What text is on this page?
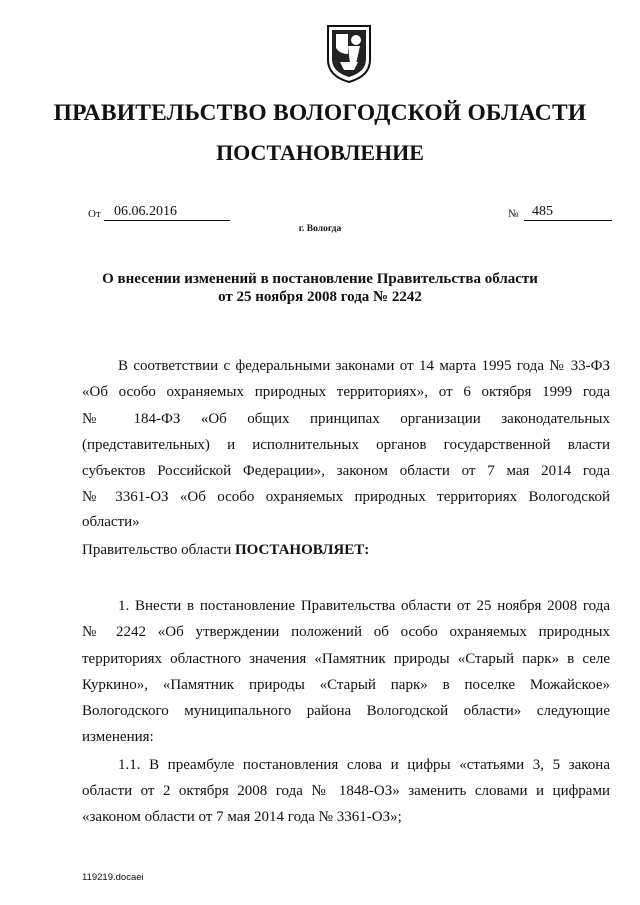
ПРАВИТЕЛЬСТВО ВОЛОГОДСКОЙ ОБЛАСТИ
ПОСТАНОВЛЕНИЕ
От 06.06.2016	№ 485
г. Вологда
О внесении изменений в постановление Правительства области
от 25 ноября 2008 года № 2242
В соответствии с федеральными законами от 14 марта 1995 года № 33-ФЗ
«Об особо охраняемых природных территориях», от 6 октября 1999 года
№ 184-ФЗ «Об общих принципах организации законодательных
(представительных) и исполнительных органов государственной власти
субъектов Российской Федерации», законом области от 7 мая 2014 года
№ 3361-ОЗ «Об особо охраняемых природных территориях Вологодской
области»
Правительство области ПОСТАНОВЛЯЕТ:
1. Внести в постановление Правительства области от 25 ноября 2008 года
№ 2242 «Об утверждении положений об особо охраняемых природных
территориях областного значения «Памятник природы «Старый парк» в селе
Куркино», «Памятник природы «Старый парк» в поселке Можайское»
Вологодского муниципального района Вологодской области» следующие
изменения:
1.1. В преамбуле постановления слова и цифры «статьями 3, 5 закона
области от 2 октября 2008 года № 1848-ОЗ» заменить словами и цифрами
«законом области от 7 мая 2014 года № 3361-ОЗ»;
119219.docaei
